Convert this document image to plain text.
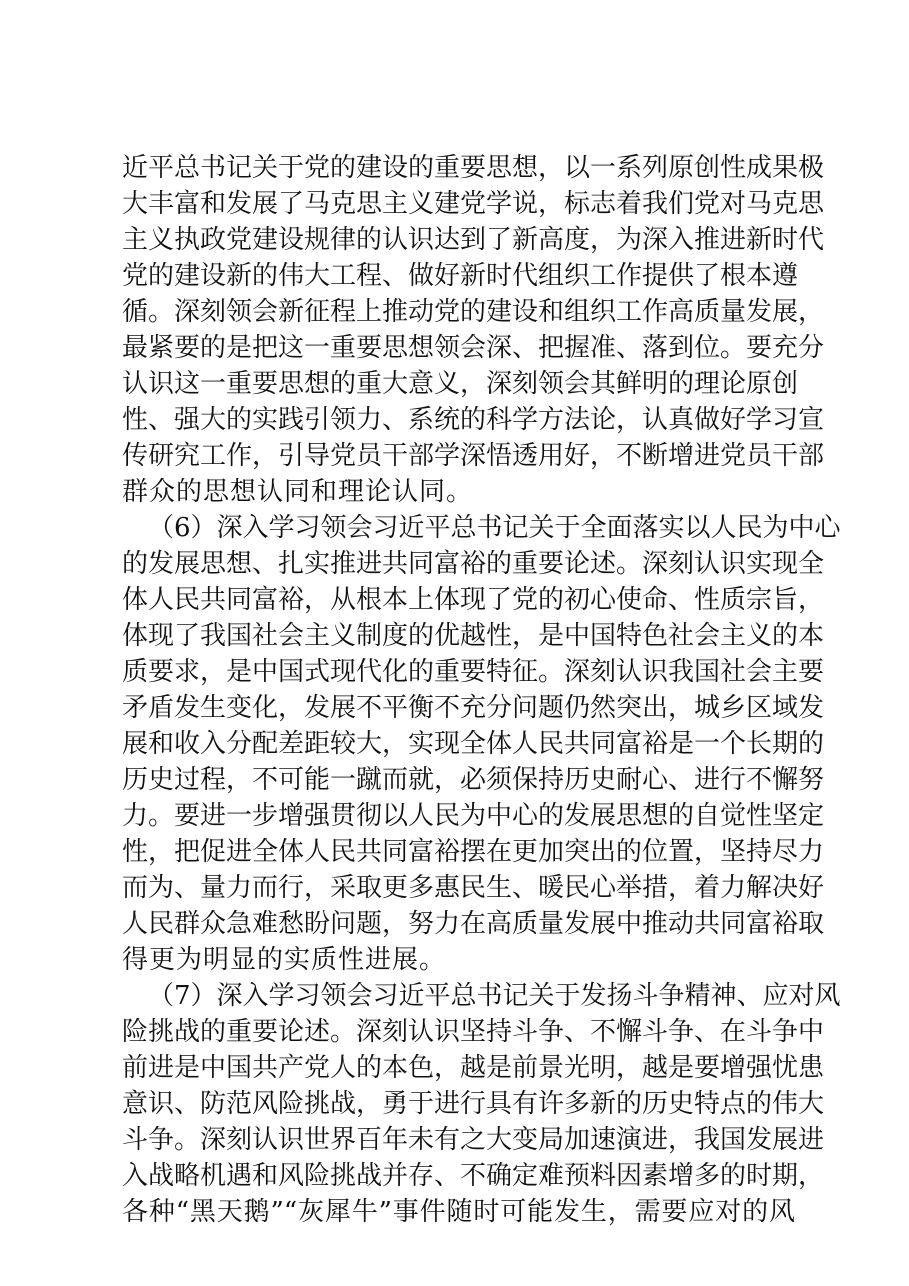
近平总书记关于党的建设的重要思想，以一系列原创性成果极
大丰富和发展了马克思主义建党学说，标志着我们党对马克思
主义执政党建设规律的认识达到了新高度，为深入推进新时代
党的建设新的伟大工程、做好新时代组织工作提供了根本遵
循。深刻领会新征程上推动党的建设和组织工作高质量发展，
最紧要的是把这一重要思想领会深、把握准、落到位。要充分
认识这一重要思想的重大意义，深刻领会其鲜明的理论原创
性、强大的实践引领力、系统的科学方法论，认真做好学习宣
传研究工作，引导党员干部学深悟透用好，不断增进党员干部
群众的思想认同和理论认同。
（6）深入学习领会习近平总书记关于全面落实以人民为中心
的发展思想、扎实推进共同富裕的重要论述。深刻认识实现全
体人民共同富裕，从根本上体现了党的初心使命、性质宗旨，
体现了我国社会主义制度的优越性，是中国特色社会主义的本
质要求，是中国式现代化的重要特征。深刻认识我国社会主要
矛盾发生变化，发展不平衡不充分问题仍然突出，城乡区域发
展和收入分配差距较大，实现全体人民共同富裕是一个长期的
历史过程，不可能一蹴而就，必须保持历史耐心、进行不懈努
力。要进一步增强贯彻以人民为中心的发展思想的自觉性坚定
性，把促进全体人民共同富裕摆在更加突出的位置，坚持尽力
而为、量力而行，采取更多惠民生、暖民心举措，着力解决好
人民群众急难愁盼问题，努力在高质量发展中推动共同富裕取
得更为明显的实质性进展。
（7）深入学习领会习近平总书记关于发扬斗争精神、应对风
险挑战的重要论述。深刻认识坚持斗争、不懈斗争、在斗争中
前进是中国共产党人的本色，越是前景光明，越是要增强忧患
意识、防范风险挑战，勇于进行具有许多新的历史特点的伟大
斗争。深刻认识世界百年未有之大变局加速演进，我国发展进
入战略机遇和风险挑战并存、不确定难预料因素增多的时期，
各种“黑天鹅”“灰犀牛”事件随时可能发生，需要应对的风
